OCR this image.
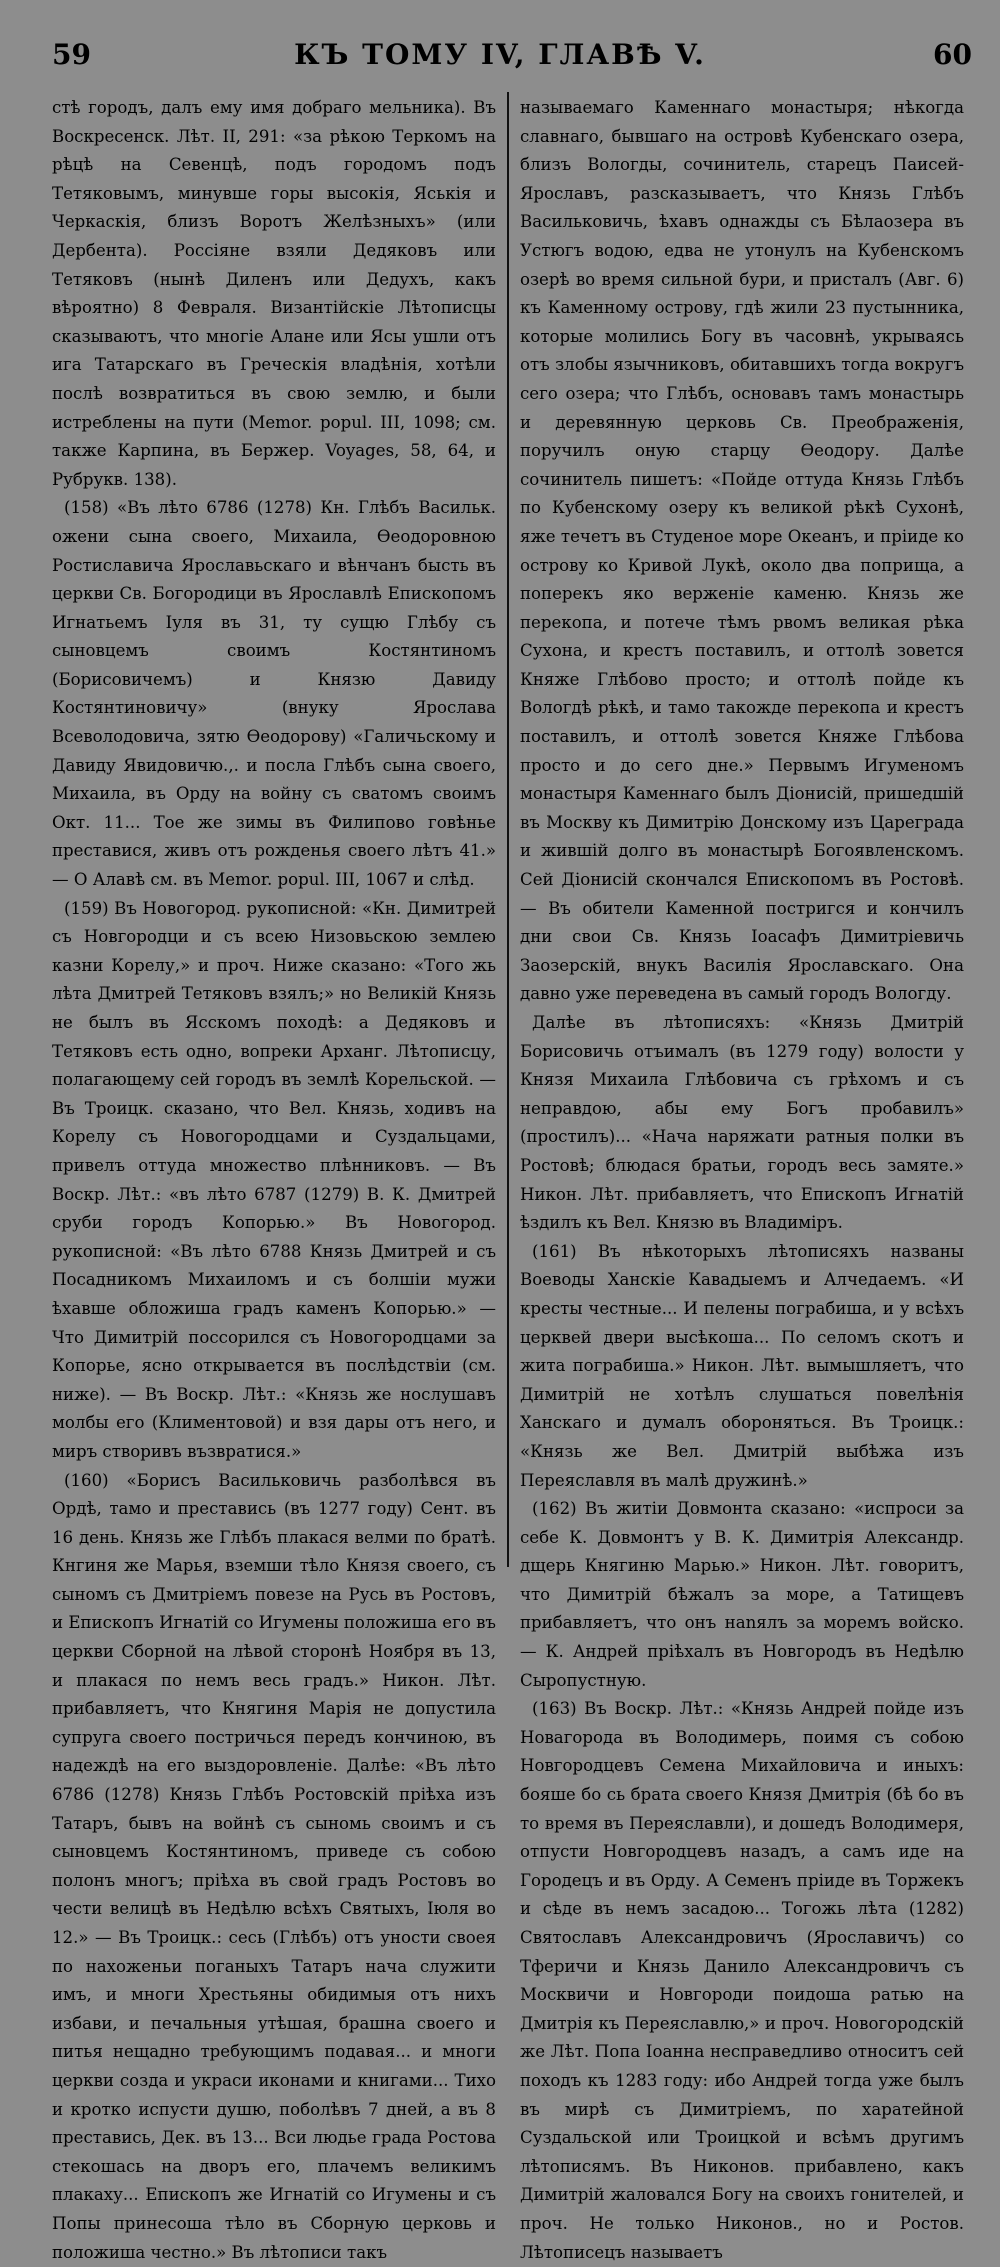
59	КЪ ТОМУ IV, ГЛАВѢ V.	60

стѣ городъ, далъ ему имя добраго мельника). Въ Воскресенск. Лѣт. II, 291: «за рѣкою Теркомъ на рѣцѣ на Севенцѣ, подъ городомъ подъ Тетяковымъ, минувше горы высокія, Яськія и Черкаскія, близъ Воротъ Желѣзныхъ» (или Дербента). Россіяне взяли Дедяковъ или Тетяковъ (нынѣ Диленъ или Дедухъ, какъ вѣроятно) 8 Февраля. Византійскіе Лѣтописцы сказываютъ, что многіе Алане или Ясы ушли отъ ига Татарскаго въ Греческія владѣнія, хотѣли послѣ возвратиться въ свою землю, и были истреблены на пути (Memor. popul. III, 1098; см. также Карпина, въ Бержер. Voyages, 58, 64, и Рубрукв. 138).

(158) «Въ лѣто 6786 (1278) Кн. Глѣбъ Васильк. ожени сына своего, Михаила, Ѳеодоровною Ростиславича Ярославьскаго и вѣнчанъ бысть въ церкви Св. Богородици въ Ярославлѣ Епископомъ Игнатьемъ Іуля въ 31, ту сущю Глѣбу съ сыновцемъ своимъ Костянтиномъ (Борисовичемъ) и Князю Давиду Костянтиновичу» (внуку Ярослава Всеволодовича, зятю Ѳеодорову) «Галичьскому и Давиду Явидовичю.,. и посла Глѣбъ сына своего, Михаила, въ Орду на войну съ сватомъ своимъ Окт. 11... Тое же зимы въ Филипово говѣнье преставися, живъ отъ рожденья своего лѣтъ 41.» — О Алавѣ см. въ Memor. popul. III, 1067 и слѣд.

(159) Въ Новогород. рукописной: «Кн. Димитрей съ Новгородци и съ всею Низовьскою землею казни Корелу,» и проч. Ниже сказано: «Того жь лѣта Дмитрей Тетяковъ взялъ;» но Великій Князь не былъ въ Ясскомъ походѣ: а Дедяковъ и Тетяковъ есть одно, вопреки Арханг. Лѣтописцу, полагающему сей городъ въ землѣ Корельской. — Въ Троицк. сказано, что Вел. Князь, ходивъ на Корелу съ Новогородцами и Суздальцами, привелъ оттуда множество плѣнниковъ. — Въ Воскр. Лѣт.: «въ лѣто 6787 (1279) В. К. Дмитрей сруби городъ Копорью.» Въ Новогород. рукописной: «Въ лѣто 6788 Князь Дмитрей и съ Посадникомъ Михаиломъ и съ болшіи мужи ѣхавше обложиша градъ каменъ Копорью.» — Что Димитрій поссорился съ Новогородцами за Копорье, ясно открывается въ послѣдствіи (см. ниже). — Въ Воскр. Лѣт.: «Князь же нослушавъ молбы его (Климентовой) и взя дары отъ него, и миръ створивъ възвратися.»

(160) «Борисъ Васильковичь разболѣвся въ Ордѣ, тамо и преставись (въ 1277 году) Сент. въ 16 день. Князь же Глѣбъ плакася велми по братѣ. Кнгиня же Марья, вземши тѣло Князя своего, съ сыномъ съ Дмитріемъ повезе на Русь въ Ростовъ, и Епископъ Игнатій со Игумены положиша его въ церкви Сборной на лѣвой сторонѣ Ноября въ 13, и плакася по немъ весь градъ.» Никон. Лѣт. прибавляетъ, что Княгиня Марія не допустила супруга своего постричься передъ кончиною, въ надеждѣ на его выздоровленіе. Далѣе: «Въ лѣто 6786 (1278) Князь Глѣбъ Ростовскій пріѣха изъ Татаръ, бывъ на войнѣ съ сыномь своимъ и съ сыновцемъ Костянтиномъ, приведе съ собою полонъ многъ; пріѣха въ свой градъ Ростовъ во чести велицѣ въ Недѣлю всѣхъ Святыхъ, Іюля во 12.» — Въ Троицк.: сесь (Глѣбъ) отъ уности своея по нахоженьи поганыхъ Татаръ нача служити имъ, и многи Хрестьяны обидимыя отъ нихъ избави, и печальныя утѣшая, брашна своего и питья нещадно требующимъ подавая... и многи церкви созда и украси иконами и книгами... Тихо и кротко испусти душю, поболѣвъ 7 дней, а въ 8 преставись, Дек. въ 13... Вси людье града Ростова стекошась на дворъ его, плачемъ великимъ плакаху... Епископъ же Игнатій со Игумены и съ Попы принесоша тѣло въ Сборную церковь и положиша честно.» Въ лѣтописи такъ

называемаго Каменнаго монастыря; нѣкогда славнаго, бывшаго на островѣ Кубенскаго озера, близъ Вологды, сочинитель, старецъ Паисей-Ярославъ, разсказываетъ, что Князь Глѣбъ Васильковичь, ѣхавъ однажды съ Бѣлаозера въ Устюгъ водою, едва не утонулъ на Кубенскомъ озерѣ во время сильной бури, и присталъ (Авг. 6) къ Каменному острову, гдѣ жили 23 пустынника, которые молились Богу въ часовнѣ, укрываясь отъ злобы язычниковъ, обитавшихъ тогда вокругъ сего озера; что Глѣбъ, основавъ тамъ монастырь и деревянную церковь Св. Преображенія, поручилъ оную старцу Ѳеодору. Далѣе сочинитель пишетъ: «Пойде оттуда Князь Глѣбъ по Кубенскому озеру къ великой рѣкѣ Сухонѣ, яже течетъ въ Студеное море Океанъ, и пріиде ко острову ко Кривой Лукѣ, около два поприща, а поперекъ яко верженіе каменю. Князь же перекопа, и потече тѣмъ рвомъ великая рѣка Сухона, и крестъ поставилъ, и оттолѣ зовется Княже Глѣбово просто; и оттолѣ пойде къ Вологдѣ рѣкѣ, и тамо такожде перекопа и крестъ поставилъ, и оттолѣ зовется Княже Глѣбова просто и до сего дне.» Первымъ Игуменомъ монастыря Каменнаго былъ Діонисій, пришедшій въ Москву къ Димитрію Донскому изъ Цареграда и жившій долго въ монастырѣ Богоявленскомъ. Сей Діонисій скончался Епископомъ въ Ростовѣ. — Въ обители Каменной постригся и кончилъ дни свои Св. Князь Іоасафъ Димитріевичь Заозерскій, внукъ Василія Ярославскаго. Она давно уже переведена въ самый городъ Вологду.

Далѣе въ лѣтописяхъ: «Князь Дмитрій Борисовичь отъималъ (въ 1279 году) волости у Князя Михаила Глѣбовича съ грѣхомъ и съ неправдою, абы ему Богъ пробавилъ» (простилъ)... «Нача наряжати ратныя полки въ Ростовѣ; блюдася братьи, городъ весь замяте.» Никон. Лѣт. прибавляетъ, что Епископъ Игнатій ѣздилъ къ Вел. Князю въ Владиміръ.

(161) Въ нѣкоторыхъ лѣтописяхъ названы Воеводы Ханскіе Кавадыемъ и Алчедаемъ. «И кресты честные... И пелены пограбиша, и у всѣхъ церквей двери высѣкоша... По селомъ скотъ и жита пограбиша.» Никон. Лѣт. вымышляетъ, что Димитрій не хотѣлъ слушаться повелѣнія Ханскаго и думалъ обороняться. Въ Троицк.: «Князь же Вел. Дмитрій выбѣжа изъ Переяславля въ малѣ дружинѣ.»

(162) Въ житіи Довмонта сказано: «испроси за себе К. Довмонтъ у В. К. Димитрія Александр. дщерь Княгиню Марью.» Никон. Лѣт. говоритъ, что Димитрій бѣжалъ за море, а Татищевъ прибавляетъ, что онъ наnялъ за моремъ войско. — К. Андрей пріѣхалъ въ Новгородъ въ Недѣлю Сыропустную.

(163) Въ Воскр. Лѣт.: «Князь Андрей пойде изъ Новагорода въ Володимерь, поимя съ собою Новгородцевъ Семена Михайловича и иныхъ: бояше бо сь брата своего Князя Дмитрія (бѣ бо въ то время въ Переяславли), и дошедъ Володимеря, отпусти Новгородцевъ назадъ, а самъ иде на Городецъ и въ Орду. А Семенъ пріиде въ Торжекъ и сѣде въ немъ засадою... Тогожь лѣта (1282) Святославъ Александровичъ (Ярославичъ) со Тферичи и Князь Данило Александровичъ съ Москвичи и Новгороди поидоша ратью на Дмитрія къ Переяславлю,» и проч. Новогородскій же Лѣт. Попа Іоанна несправедливо относитъ сей походъ къ 1283 году: ибо Андрей тогда уже былъ въ мирѣ съ Димитріемъ, по харатейной Суздальской или Троицкой и всѣмъ другимъ лѣтописямъ. Въ Никонов. прибавлено, какъ Димитрій жаловался Богу на своихъ гонителей, и проч. Не только Никонов., но и Ростов. Лѣтописецъ называетъ
